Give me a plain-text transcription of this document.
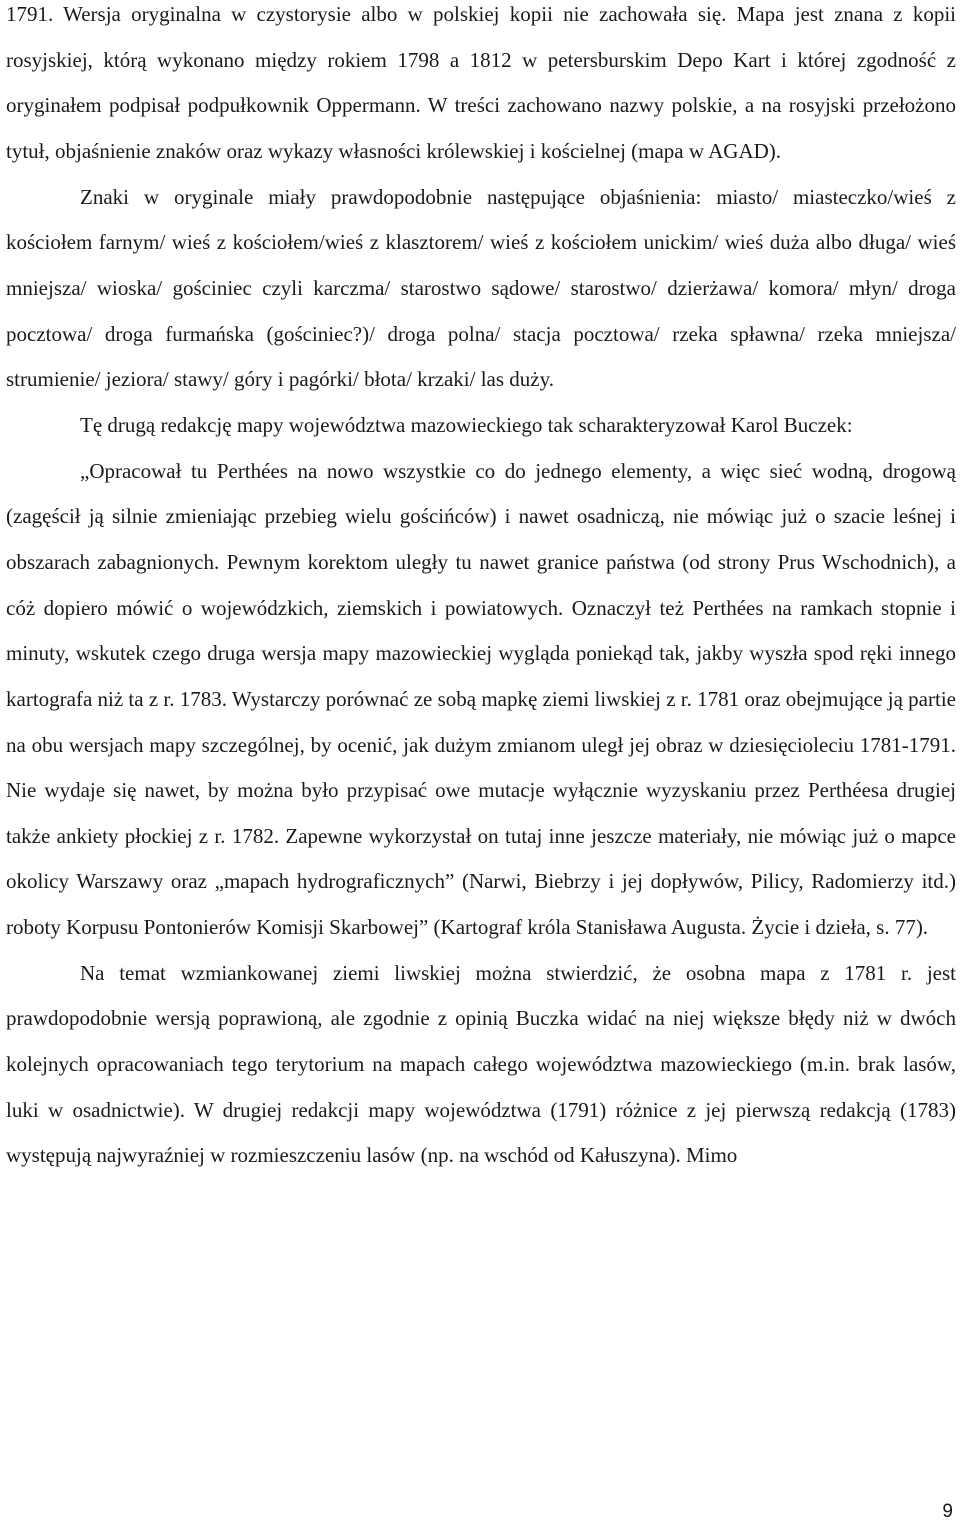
1791. Wersja oryginalna w czystorysie albo w polskiej kopii nie zachowała się. Mapa jest znana z kopii rosyjskiej, którą wykonano między rokiem 1798 a 1812 w petersburskim Depo Kart i której zgodność z oryginałem podpisał podpułkownik Oppermann. W treści zachowano nazwy polskie, a na rosyjski przełożono tytuł, objaśnienie znaków oraz wykazy własności królewskiej i kościelnej (mapa w AGAD).

Znaki w oryginale miały prawdopodobnie następujące objaśnienia: miasto/ miasteczko/wieś z kościołem farnym/ wieś z kościołem/wieś z klasztorem/ wieś z kościołem unickim/ wieś duża albo długa/ wieś mniejsza/ wioska/ gościniec czyli karczma/ starostwo sądowe/ starostwo/ dzierżawa/ komora/ młyn/ droga pocztowa/ droga furmańska (gościniec?)/ droga polna/ stacja pocztowa/ rzeka spławna/ rzeka mniejsza/ strumienie/ jeziora/ stawy/ góry i pagórki/ błota/ krzaki/ las duży.

Tę drugą redakcję mapy województwa mazowieckiego tak scharakteryzował Karol Buczek:

„Opracował tu Perthées na nowo wszystkie co do jednego elementy, a więc sieć wodną, drogową (zagęścił ją silnie zmieniając przebieg wielu gościńców) i nawet osadniczą, nie mówiąc już o szacie leśnej i obszarach zabagnionych. Pewnym korektom uległy tu nawet granice państwa (od strony Prus Wschodnich), a cóż dopiero mówić o wojewódzkich, ziemskich i powiatowych. Oznaczył też Perthées na ramkach stopnie i minuty, wskutek czego druga wersja mapy mazowieckiej wygląda poniekąd tak, jakby wyszła spod ręki innego kartografa niż ta z r. 1783. Wystarczy porównać ze sobą mapkę ziemi liwskiej z r. 1781 oraz obejmujące ją partie na obu wersjach mapy szczególnej, by ocenić, jak dużym zmianom uległ jej obraz w dziesięcioleciu 1781-1791. Nie wydaje się nawet, by można było przypisać owe mutacje wyłącznie wyzyskaniu przez Perthéesa drugiej także ankiety płockiej z r. 1782. Zapewne wykorzystał on tutaj inne jeszcze materiały, nie mówiąc już o mapce okolicy Warszawy oraz „mapach hydrograficznych” (Narwi, Biebrzy i jej dopływów, Pilicy, Radomierzy itd.) roboty Korpusu Pontonierów Komisji Skarbowej” (Kartograf króla Stanisława Augusta. Życie i dzieła, s. 77).

Na temat wzmiankowanej ziemi liwskiej można stwierdzić, że osobna mapa z 1781 r. jest prawdopodobnie wersją poprawioną, ale zgodnie z opinią Buczka widać na niej większe błędy niż w dwóch kolejnych opracowaniach tego terytorium na mapach całego województwa mazowieckiego (m.in. brak lasów, luki w osadnictwie). W drugiej redakcji mapy województwa (1791) różnice z jej pierwszą redakcją (1783) występują najwyraźniej w rozmieszczeniu lasów (np. na wschód od Kałuszyna). Mimo

9
